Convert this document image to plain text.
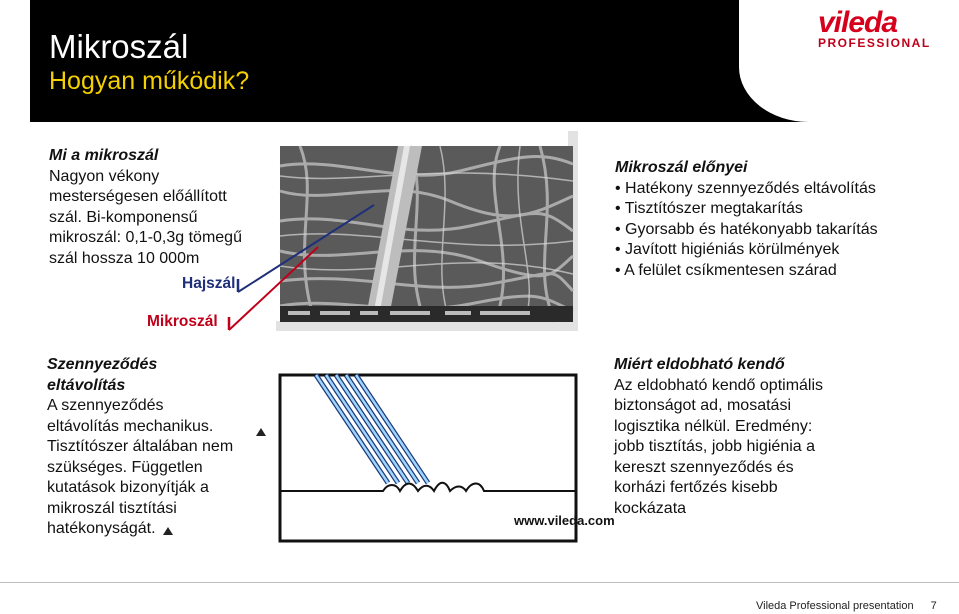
Mikroszál
Hogyan működik?
vileda
PROFESSIONAL
Mi a mikroszál
Nagyon vékony
mesterségesen előállított
szál. Bi-komponensű
mikroszál: 0,1-0,3g tömegű
szál hossza 10 000m
Hajszál
Mikroszál
Mikroszál előnyei
• Hatékony szennyeződés eltávolítás
• Tisztítószer megtakarítás
• Gyorsabb és hatékonyabb takarítás
• Javított higiéniás körülmények
• A felület csíkmentesen szárad
Szennyeződés
eltávolítás
A szennyeződés
eltávolítás mechanikus.
Tisztítószer általában nem
szükséges. Független
kutatások bizonyítják a
mikroszál tisztítási
hatékonyságát.	www.vileda.com
Miért eldobható kendő
Az eldobható kendő optimális
biztonságot ad, mosatási
logisztika nélkül. Eredmény:
jobb tisztítás, jobb higiénia a
kereszt szennyeződés és
korházi fertőzés kisebb
kockázata
Vileda Professional presentation 7
